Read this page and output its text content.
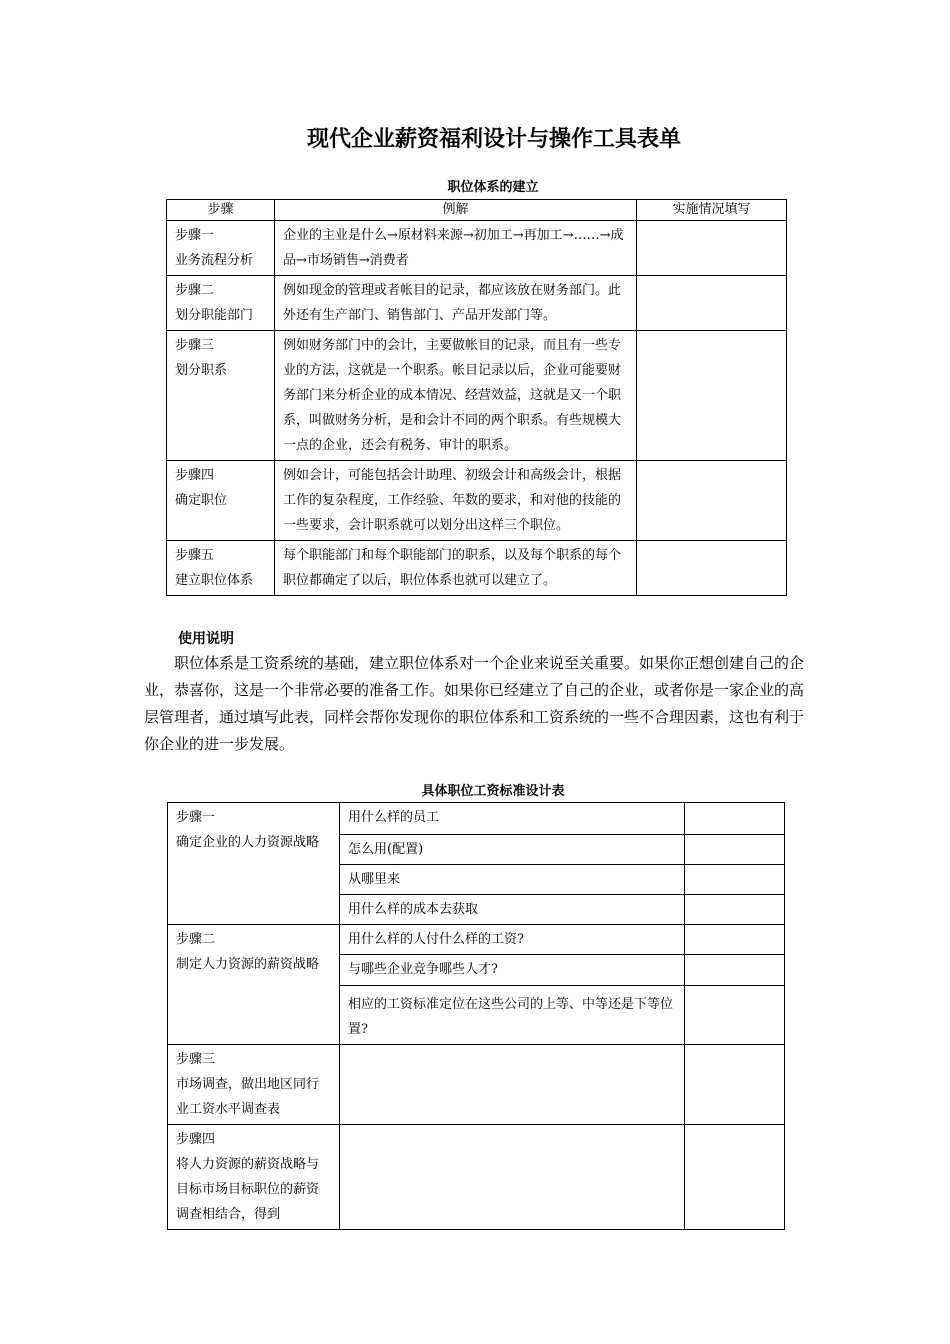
现代企业薪资福利设计与操作工具表单
职位体系的建立
步骤	例解	实施情况填写

步骤一
业务流程分析	企业的主业是什么→原材料来源→初加工→再加工→……→成品→市场销售→消费者	

步骤二
划分职能部门	例如现金的管理或者帐目的记录，都应该放在财务部门。此外还有生产部门、销售部门、产品开发部门等。	

步骤三
划分职系	例如财务部门中的会计，主要做帐目的记录，而且有一些专业的方法，这就是一个职系。帐目记录以后，企业可能要财务部门来分析企业的成本情况、经营效益，这就是又一个职系，叫做财务分析，是和会计不同的两个职系。有些规模大一点的企业，还会有税务、审计的职系。	

步骤四
确定职位	例如会计，可能包括会计助理、初级会计和高级会计，根据工作的复杂程度，工作经验、年数的要求，和对他的技能的一些要求，会计职系就可以划分出这样三个职位。	

步骤五
建立职位体系	每个职能部门和每个职能部门的职系，以及每个职系的每个职位都确定了以后，职位体系也就可以建立了。	
使用说明
职位体系是工资系统的基础，建立职位体系对一个企业来说至关重要。如果你正想创建自己的企业，恭喜你，这是一个非常必要的准备工作。如果你已经建立了自己的企业，或者你是一家企业的高层管理者，通过填写此表，同样会帮你发现你的职位体系和工资系统的一些不合理因素，这也有利于你企业的进一步发展。
具体职位工资标准设计表
步骤一
确定企业的人力资源战略	用什么样的员工	
	怎么用(配置)	
	从哪里来	
	用什么样的成本去获取	

步骤二
制定人力资源的薪资战略	用什么样的人付什么样的工资?	
	与哪些企业竞争哪些人才?	
	相应的工资标准定位在这些公司的上等、中等还是下等位置?	

步骤三
市场调查，做出地区同行业工资水平调查表		

步骤四
将人力资源的薪资战略与目标市场目标职位的薪资调查相结合，得到		
